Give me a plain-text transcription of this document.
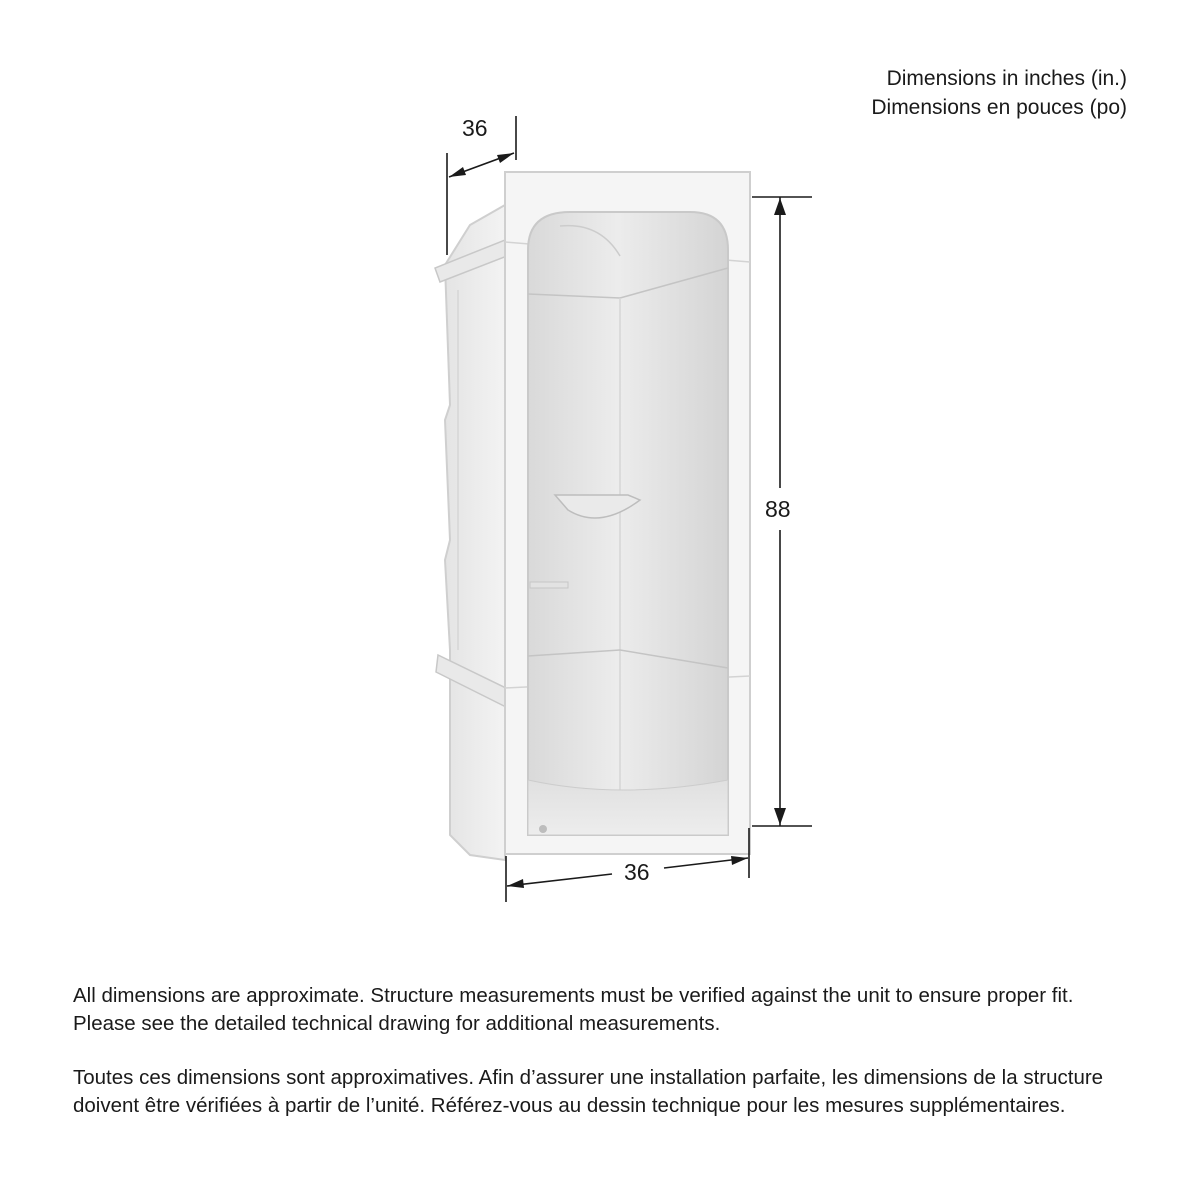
Dimensions in inches (in.)
Dimensions en pouces (po)
36
88
36

All dimensions are approximate. Structure measurements must be verified against the unit to ensure proper fit. Please see the detailed technical drawing for additional measurements.

Toutes ces dimensions sont approximatives. Afin d’assurer une installation parfaite, les dimensions de la structure doivent être vérifiées à partir de l’unité. Référez-vous au dessin technique pour les mesures supplémentaires.
